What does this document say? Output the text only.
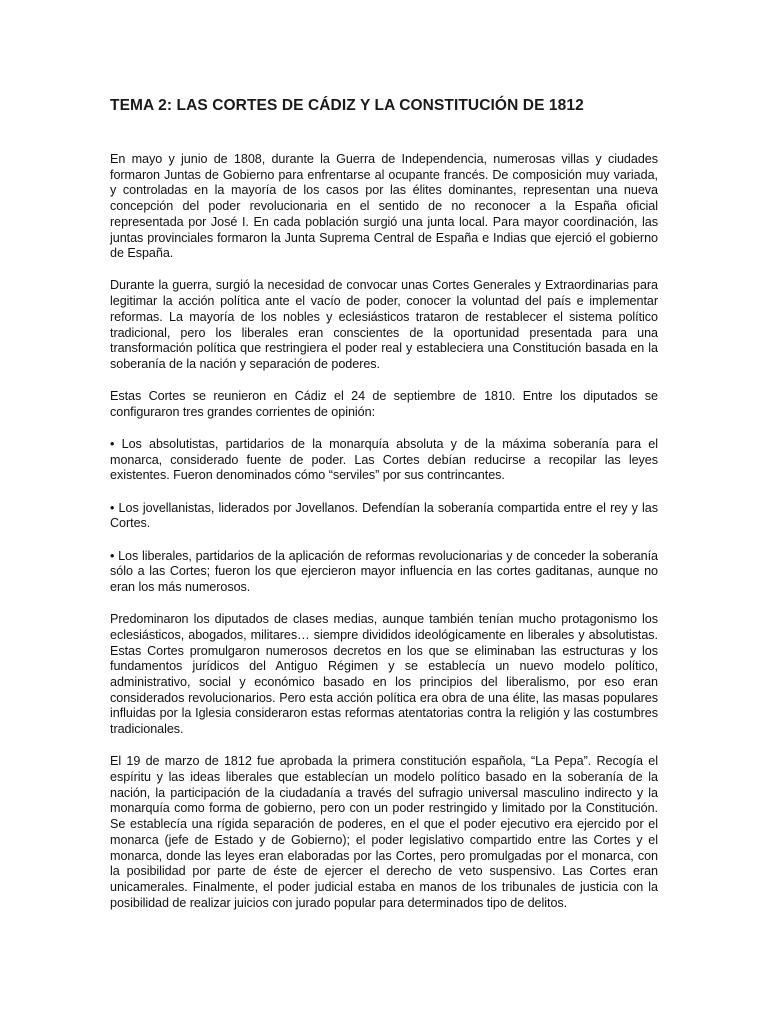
TEMA 2: LAS CORTES DE CÁDIZ Y LA CONSTITUCIÓN DE 1812

En mayo y junio de 1808, durante la Guerra de Independencia, numerosas villas y ciudades formaron Juntas de Gobierno para enfrentarse al ocupante francés. De composición muy variada, y controladas en la mayoría de los casos por las élites dominantes, representan una nueva concepción del poder revolucionaria en el sentido de no reconocer a la España oficial representada por José I. En cada población surgió una junta local. Para mayor coordinación, las juntas provinciales formaron la Junta Suprema Central de España e Indias que ejerció el gobierno de España.

Durante la guerra, surgió la necesidad de convocar unas Cortes Generales y Extraordinarias para legitimar la acción política ante el vacío de poder, conocer la voluntad del país e implementar reformas. La mayoría de los nobles y eclesiásticos trataron de restablecer el sistema político tradicional, pero los liberales eran conscientes de la oportunidad presentada para una transformación política que restringiera el poder real y estableciera una Constitución basada en la soberanía de la nación y separación de poderes.

Estas Cortes se reunieron en Cádiz el 24 de septiembre de 1810. Entre los diputados se configuraron tres grandes corrientes de opinión:

• Los absolutistas, partidarios de la monarquía absoluta y de la máxima soberanía para el monarca, considerado fuente de poder. Las Cortes debían reducirse a recopilar las leyes existentes. Fueron denominados cómo “serviles” por sus contrincantes.

• Los jovellanistas, liderados por Jovellanos. Defendían la soberanía compartida entre el rey y las Cortes.

• Los liberales, partidarios de la aplicación de reformas revolucionarias y de conceder la soberanía sólo a las Cortes; fueron los que ejercieron mayor influencia en las cortes gaditanas, aunque no eran los más numerosos.

Predominaron los diputados de clases medias, aunque también tenían mucho protagonismo los eclesiásticos, abogados, militares… siempre divididos ideológicamente en liberales y absolutistas. Estas Cortes promulgaron numerosos decretos en los que se eliminaban las estructuras y los fundamentos jurídicos del Antiguo Régimen y se establecía un nuevo modelo político, administrativo, social y económico basado en los principios del liberalismo, por eso eran considerados revolucionarios. Pero esta acción política era obra de una élite, las masas populares influidas por la Iglesia consideraron estas reformas atentatorias contra la religión y las costumbres tradicionales.

El 19 de marzo de 1812 fue aprobada la primera constitución española, “La Pepa”. Recogía el espíritu y las ideas liberales que establecían un modelo político basado en la soberanía de la nación, la participación de la ciudadanía a través del sufragio universal masculino indirecto y la monarquía como forma de gobierno, pero con un poder restringido y limitado por la Constitución. Se establecía una rígida separación de poderes, en el que el poder ejecutivo era ejercido por el monarca (jefe de Estado y de Gobierno); el poder legislativo compartido entre las Cortes y el monarca, donde las leyes eran elaboradas por las Cortes, pero promulgadas por el monarca, con la posibilidad por parte de éste de ejercer el derecho de veto suspensivo. Las Cortes eran unicamerales. Finalmente, el poder judicial estaba en manos de los tribunales de justicia con la posibilidad de realizar juicios con jurado popular para determinados tipo de delitos.
